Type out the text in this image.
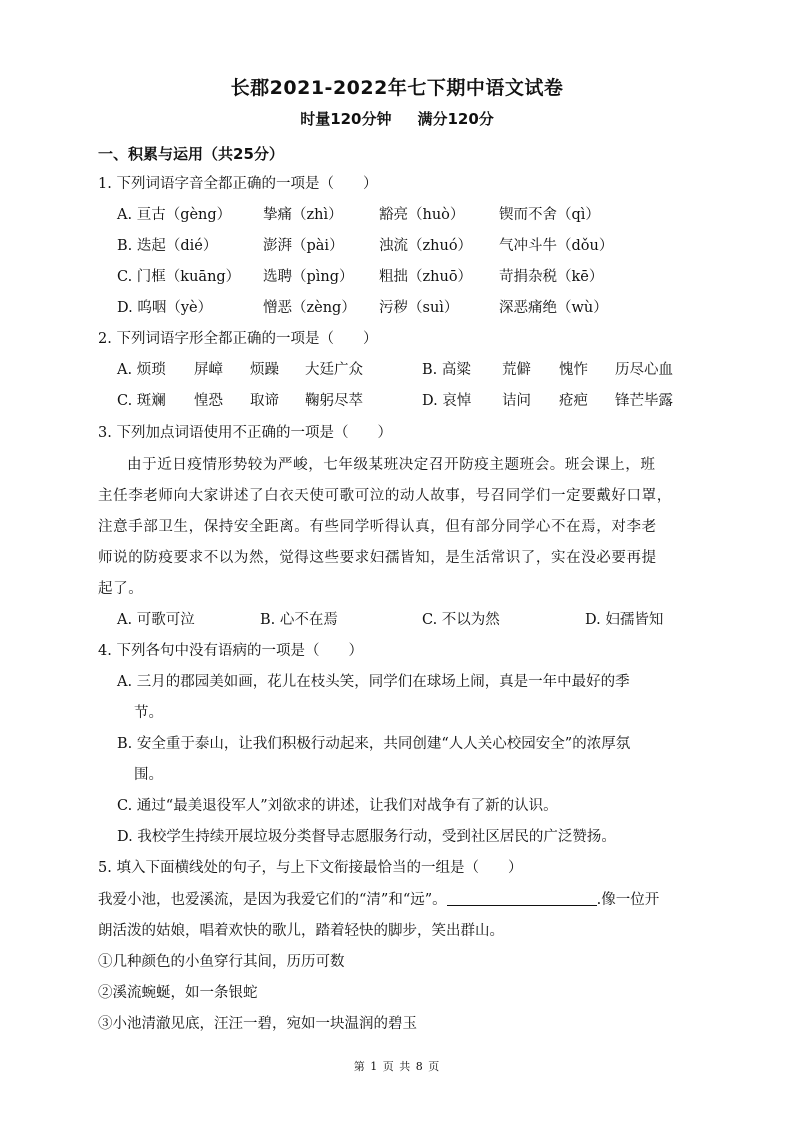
长郡2021-2022年七下期中语文试卷
时量120分钟 满分120分
一、积累与运用（共25分）
1. 下列词语字音全都正确的一项是（　　）
A. 亘古（gèng） 挚痛（zhì）	豁亮（huò） 锲而不舍（qì）
B. 迭起（dié）	澎湃（pài） 浊流（zhuó） 气冲斗牛（dǒu）
C. 门框（kuāng） 选聘（pìng） 粗拙（zhuō） 苛捐杂税（kē）
D. 呜咽（yè）	憎恶（zèng） 污秽（suì）	深恶痛绝（wù）
2. 下列词语字形全都正确的一项是（　　）
A. 烦琐 屏嶂 烦躁 大廷广众	B. 高粱 荒僻 愧怍 历尽心血
C. 斑斓 惶恐 取谛 鞠躬尽萃	D. 哀悼 诘问 疮疤 锋芒毕露
3. 下列加点词语使用不正确的一项是（　　）
由于近日疫情形势较为严峻，七年级某班决定召开防疫主题班会。班会课上，班
主任李老师向大家讲述了白衣天使可歌可泣的动人故事，号召同学们一定要戴好口罩，
注意手部卫生，保持安全距离。有些同学听得认真，但有部分同学心不在焉，对李老
师说的防疫要求不以为然，觉得这些要求妇孺皆知，是生活常识了，实在没必要再提
起了。
A. 可歌可泣	B. 心不在焉	C. 不以为然	D. 妇孺皆知
4. 下列各句中没有语病的一项是（　　）
A. 三月的郡园美如画，花儿在枝头笑，同学们在球场上闹，真是一年中最好的季
节。
B. 安全重于泰山，让我们积极行动起来，共同创建“人人关心校园安全”的浓厚氛
围。
C. 通过“最美退役军人”刘欲求的讲述，让我们对战争有了新的认识。
D. 我校学生持续开展垃圾分类督导志愿服务行动，受到社区居民的广泛赞扬。
5. 填入下面横线处的句子，与上下文衔接最恰当的一组是（　　）
我爱小池，也爱溪流，是因为我爱它们的“清”和“远”。	.像一位开
朗活泼的姑娘，唱着欢快的歌儿，踏着轻快的脚步，笑出群山。
①几种颜色的小鱼穿行其间，历历可数
②溪流蜿蜒，如一条银蛇
③小池清澈见底，汪汪一碧，宛如一块温润的碧玉
第 1 页 共 8 页
